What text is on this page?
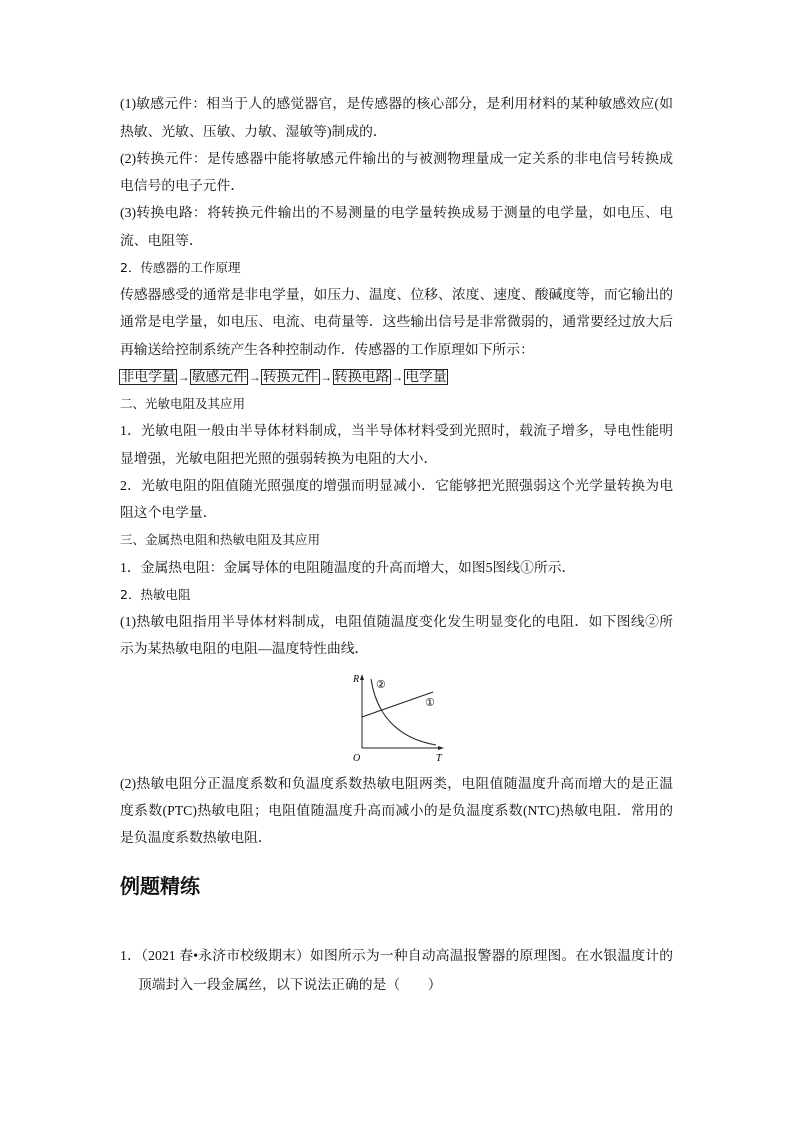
(1)敏感元件：相当于人的感觉器官，是传感器的核心部分，是利用材料的某种敏感效应(如
热敏、光敏、压敏、力敏、湿敏等)制成的．
(2)转换元件：是传感器中能将敏感元件输出的与被测物理量成一定关系的非电信号转换成
电信号的电子元件．
(3)转换电路：将转换元件输出的不易测量的电学量转换成易于测量的电学量，如电压、电
流、电阻等．
2．传感器的工作原理
传感器感受的通常是非电学量，如压力、温度、位移、浓度、速度、酸碱度等，而它输出的
通常是电学量，如电压、电流、电荷量等．这些输出信号是非常微弱的，通常要经过放大后
再输送给控制系统产生各种控制动作．传感器的工作原理如下所示：
非电学量 → 敏感元件 → 转换元件 → 转换电路 → 电学量
二、光敏电阻及其应用
1．光敏电阻一般由半导体材料制成，当半导体材料受到光照时，载流子增多，导电性能明
显增强，光敏电阻把光照的强弱转换为电阻的大小．
2．光敏电阻的阻值随光照强度的增强而明显减小．它能够把光照强弱这个光学量转换为电
阻这个电学量．
三、金属热电阻和热敏电阻及其应用
1．金属热电阻：金属导体的电阻随温度的升高而增大，如图5图线①所示．
2．热敏电阻
(1)热敏电阻指用半导体材料制成，电阻值随温度变化发生明显变化的电阻．如下图线②所
示为某热敏电阻的电阻—温度特性曲线．
R
O	T
①
②
(2)热敏电阻分正温度系数和负温度系数热敏电阻两类，电阻值随温度升高而增大的是正温
度系数(PTC)热敏电阻；电阻值随温度升高而减小的是负温度系数(NTC)热敏电阻．常用的
是负温度系数热敏电阻．
例题精练
1．（2021 春•永济市校级期末）如图所示为一种自动高温报警器的原理图。在水银温度计的
顶端封入一段金属丝，以下说法正确的是（　　）
